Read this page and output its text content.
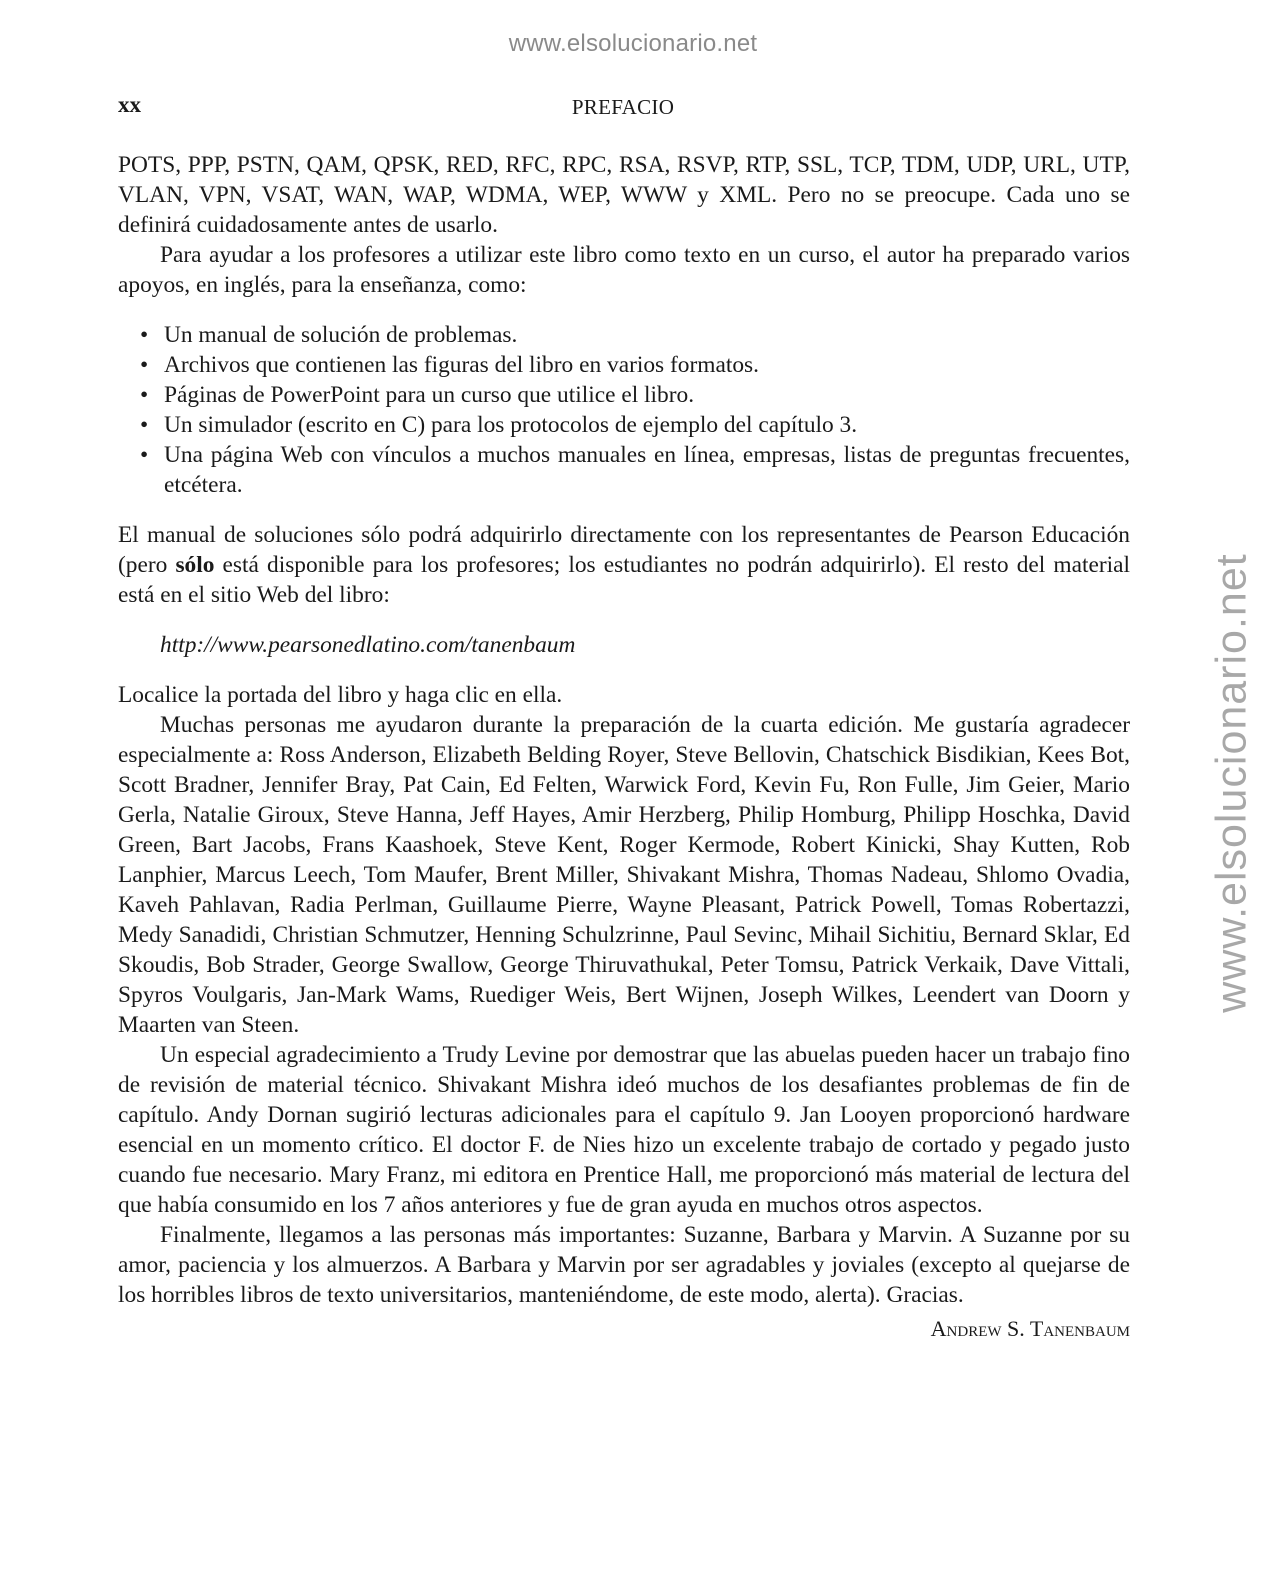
www.elsolucionario.net
www.elsolucionario.net
xx	PREFACIO

POTS, PPP, PSTN, QAM, QPSK, RED, RFC, RPC, RSA, RSVP, RTP, SSL, TCP, TDM, UDP, URL, UTP, VLAN, VPN, VSAT, WAN, WAP, WDMA, WEP, WWW y XML. Pero no se preocupe. Cada uno se definirá cuidadosamente antes de usarlo.

Para ayudar a los profesores a utilizar este libro como texto en un curso, el autor ha preparado varios apoyos, en inglés, para la enseñanza, como:

• Un manual de solución de problemas.
• Archivos que contienen las figuras del libro en varios formatos.
• Páginas de PowerPoint para un curso que utilice el libro.
• Un simulador (escrito en C) para los protocolos de ejemplo del capítulo 3.
• Una página Web con vínculos a muchos manuales en línea, empresas, listas de preguntas frecuentes, etcétera.

El manual de soluciones sólo podrá adquirirlo directamente con los representantes de Pearson Educación (pero sólo está disponible para los profesores; los estudiantes no podrán adquirirlo). El resto del material está en el sitio Web del libro:

http://www.pearsonedlatino.com/tanenbaum

Localice la portada del libro y haga clic en ella.

Muchas personas me ayudaron durante la preparación de la cuarta edición. Me gustaría agradecer especialmente a: Ross Anderson, Elizabeth Belding Royer, Steve Bellovin, Chatschick Bisdikian, Kees Bot, Scott Bradner, Jennifer Bray, Pat Cain, Ed Felten, Warwick Ford, Kevin Fu, Ron Fulle, Jim Geier, Mario Gerla, Natalie Giroux, Steve Hanna, Jeff Hayes, Amir Herzberg, Philip Homburg, Philipp Hoschka, David Green, Bart Jacobs, Frans Kaashoek, Steve Kent, Roger Kermode, Robert Kinicki, Shay Kutten, Rob Lanphier, Marcus Leech, Tom Maufer, Brent Miller, Shivakant Mishra, Thomas Nadeau, Shlomo Ovadia, Kaveh Pahlavan, Radia Perlman, Guillaume Pierre, Wayne Pleasant, Patrick Powell, Tomas Robertazzi, Medy Sanadidi, Christian Schmutzer, Henning Schulzrinne, Paul Sevinc, Mihail Sichitiu, Bernard Sklar, Ed Skoudis, Bob Strader, George Swallow, George Thiruvathukal, Peter Tomsu, Patrick Verkaik, Dave Vittali, Spyros Voulgaris, Jan-Mark Wams, Ruediger Weis, Bert Wijnen, Joseph Wilkes, Leendert van Doorn y Maarten van Steen.

Un especial agradecimiento a Trudy Levine por demostrar que las abuelas pueden hacer un trabajo fino de revisión de material técnico. Shivakant Mishra ideó muchos de los desafiantes problemas de fin de capítulo. Andy Dornan sugirió lecturas adicionales para el capítulo 9. Jan Looyen proporcionó hardware esencial en un momento crítico. El doctor F. de Nies hizo un excelente trabajo de cortado y pegado justo cuando fue necesario. Mary Franz, mi editora en Prentice Hall, me proporcionó más material de lectura del que había consumido en los 7 años anteriores y fue de gran ayuda en muchos otros aspectos.

Finalmente, llegamos a las personas más importantes: Suzanne, Barbara y Marvin. A Suzanne por su amor, paciencia y los almuerzos. A Barbara y Marvin por ser agradables y joviales (excepto al quejarse de los horribles libros de texto universitarios, manteniéndome, de este modo, alerta). Gracias.

Andrew S. Tanenbaum
